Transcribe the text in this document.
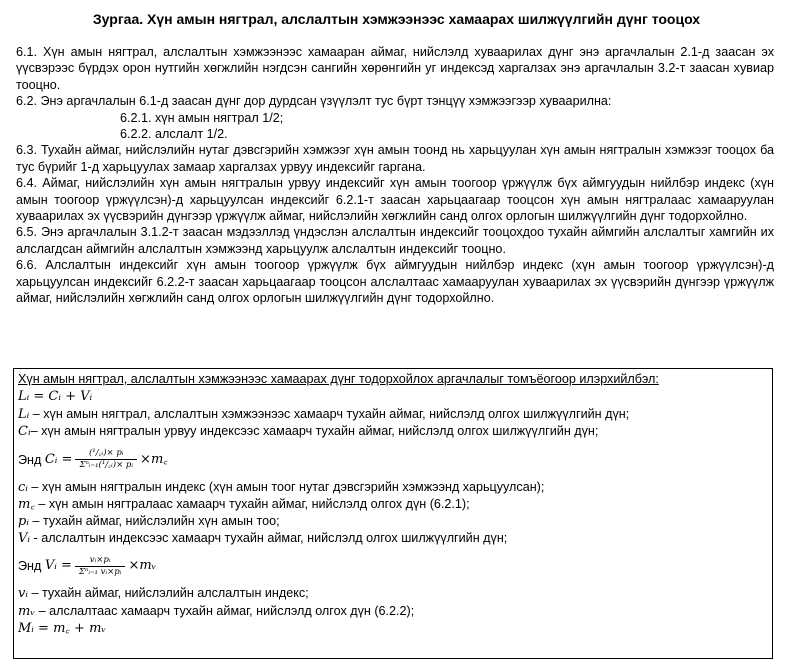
Зургаа. Хүн амын нягтрал, алслалтын хэмжээнээс хамаарах шилжүүлгийн дүнг тооцох

6.1. Хүн амын нягтрал, алслалтын хэмжээнээс хамааран аймаг, нийслэлд хуваарилах дүнг энэ аргачлалын 2.1-д заасан эх үүсвэрээс бүрдэх орон нутгийн хөгжлийн нэгдсэн сангийн хөрөнгийн уг индексэд харгалзах энэ аргачлалын 3.2-т заасан хувиар тооцно.

6.2. Энэ аргачлалын 6.1-д заасан дүнг дор дурдсан үзүүлэлт тус бүрт тэнцүү хэмжээгээр хуваарилна:

6.2.1. хүн амын нягтрал 1/2;

6.2.2. алслалт 1/2.

6.3. Тухайн аймаг, нийслэлийн нутаг дэвсгэрийн хэмжээг хүн амын тоонд нь харьцуулан хүн амын нягтралын хэмжээг тооцох ба тус бүрийг 1-д харьцуулах замаар харгалзах урвуу индексийг гаргана.

6.4. Аймаг, нийслэлийн хүн амын нягтралын урвуу индексийг хүн амын тоогоор үржүүлж бүх аймгуудын нийлбэр индекс (хүн амын тоогоор үржүүлсэн)-д харьцуулсан индексийг 6.2.1-т заасан харьцаагаар тооцсон хүн амын нягтралаас хамааруулан хуваарилах эх үүсвэрийн дүнгээр үржүүлж аймаг, нийслэлийн хөгжлийн санд олгох орлогын шилжүүлгийн дүнг тодорхойлно.

6.5. Энэ аргачлалын 3.1.2-т заасан мэдээллэд үндэслэн алслалтын индексийг тооцохдоо тухайн аймгийн алслалтыг хамгийн их алслагдсан аймгийн алслалтын хэмжээнд харьцуулж алслалтын индексийг тооцно.

6.6. Алслалтын индексийг хүн амын тоогоор үржүүлж бүх аймгуудын нийлбэр индекс (хүн амын тоогоор үржүүлсэн)-д харьцуулсан индексийг 6.2.2-т заасан харьцаагаар тооцсон алслалтаас хамааруулан хуваарилах эх үүсвэрийн дүнгээр үржүүлж аймаг, нийслэлийн хөгжлийн санд олгох орлогын шилжүүлгийн дүнг тодорхойлно.

Хүн амын нягтрал, алслалтын хэмжээнээс хамаарах дүнг тодорхойлох аргачлалыг томъёогоор илэрхийлбэл:

Lᵢ = Cᵢ + Vᵢ

Lᵢ – хүн амын нягтрал, алслалтын хэмжээнээс хамаарч тухайн аймаг, нийслэлд олгох шилжүүлгийн дүн;

Cᵢ– хүн амын нягтралын урвуу индексээс хамаарч тухайн аймаг, нийслэлд олгох шилжүүлгийн дүн;

Энд
Cᵢ = $\frac{\text{(¹/꜀ᵢ)× pᵢ}}{\text{Σⁿᵢ₌₁(¹/꜀ᵢ)× pᵢ}}$ ×m꜀

cᵢ – хүн амын нягтралын индекс (хүн амын тоог нутаг дэвсгэрийн хэмжээнд харьцуулсан);

m꜀ – хүн амын нягтралаас хамаарч тухайн аймаг, нийслэлд олгох дүн (6.2.1);

pᵢ – тухайн аймаг, нийслэлийн хүн амын тоо;

Vᵢ - алслалтын индексээс хамаарч тухайн аймаг, нийслэлд олгох шилжүүлгийн дүн;

Энд
Vᵢ = $\frac{\text{vᵢ×pᵢ}}{\text{Σⁿᵢ₌₁ vᵢ×pᵢ}}$ ×mᵥ

vᵢ – тухайн аймаг, нийслэлийн алслалтын индекс;

mᵥ – алслалтаас хамаарч тухайн аймаг, нийслэлд олгох дүн (6.2.2);

Mᵢ = m꜀ + mᵥ
